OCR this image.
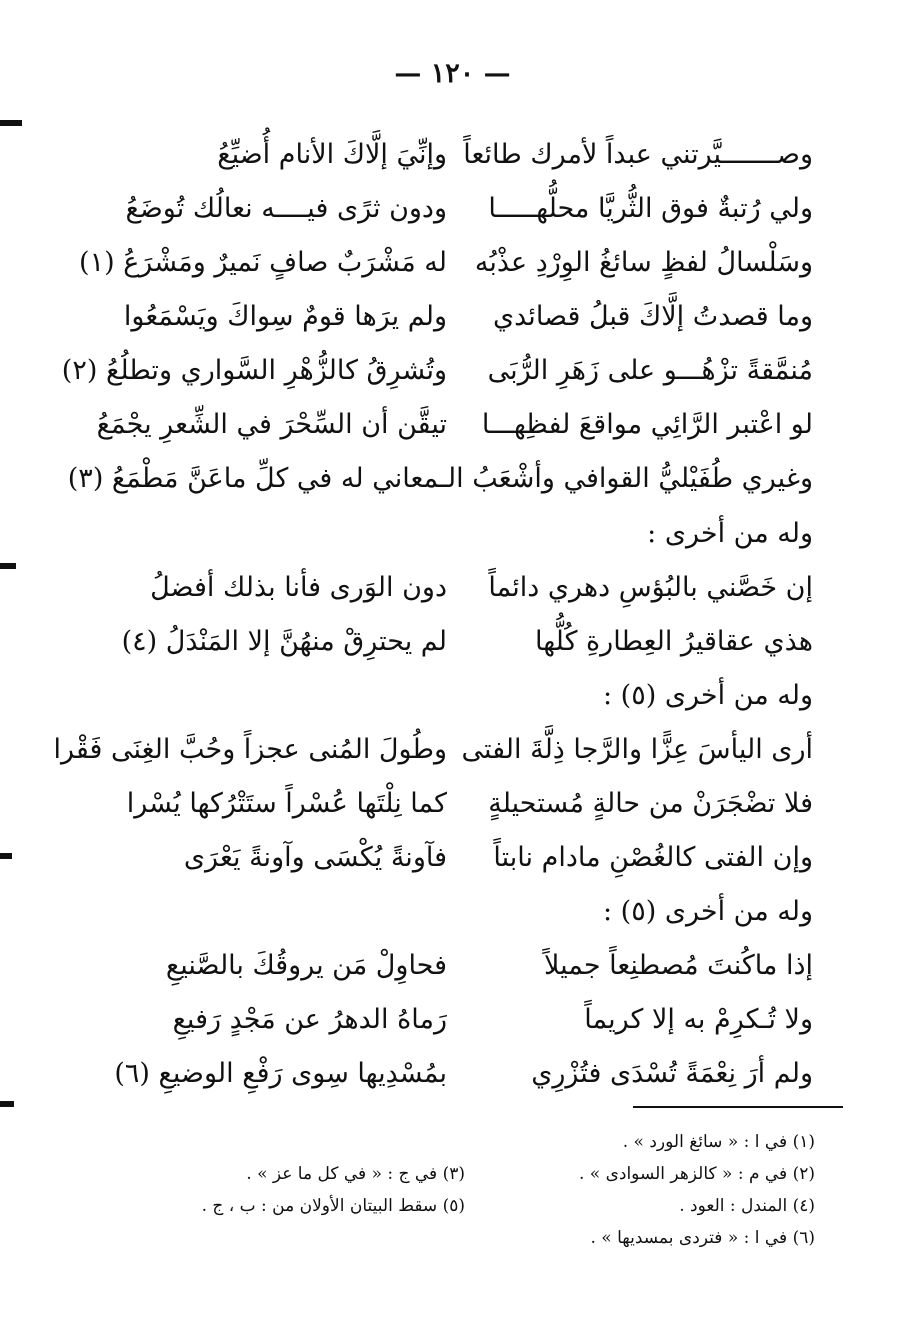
— ١٢٠ —
وصـــــــيَّرتني عبداً لأمرك طائعاً
وإنِّيَ إلَّاكَ الأنام أُضيِّعُ
ولي رُتبةٌ فوق الثُّريَّا محلُّهـــــا
ودون ثرًى فيــــه نعالُك تُوضَعُ
وسَلْسالُ لفظٍ سائغُ الوِرْدِ عذْبُه
له مَشْرَبٌ صافٍ نَميرٌ ومَشْرَعُ (١)
وما قصدتُ إلَّاكَ قبلُ قصائدي
ولم يرَها قومٌ سِواكَ ويَسْمَعُوا
مُنمَّقةً تزْهُـــو على زَهَرِ الرُّبَى
وتُشرِقُ كالزُّهْرِ السَّواري وتطلُعُ (٢)
لو اعْتبر الرَّائِي مواقعَ لفظِهـــا
تيقَّن أن السِّحْرَ في الشِّعرِ يجْمَعُ
وغيري طُفَيْليُّ القوافي وأشْعَبُ الـ
ـمعاني له في كلِّ ماعَنَّ مَطْمَعُ (٣)
وله من أخرى :
إن خَصَّني بالبُؤسِ دهري دائماً
دون الوَرى فأنا بذلك أفضلُ
هذي عقاقيرُ العِطارةِ كُلُّها
لم يحترِقْ منهُنَّ إلا المَنْدَلُ (٤)
وله من أخرى (٥) :
أرى اليأسَ عِزًّا والرَّجا ذِلَّةَ الفتى
وطُولَ المُنى عجزاً وحُبَّ الغِنَى فَقْرا
فلا تضْجَرَنْ من حالةٍ مُستحيلةٍ
كما نِلْتَها عُسْراً ستَتْرُكها يُسْرا
وإن الفتى كالغُصْنِ مادام نابتاً
فآونةً يُكْسَى وآونةً يَعْرَى
وله من أخرى (٥) :
إذا ماكُنتَ مُصطنِعاً جميلاً
فحاوِلْ مَن يروقُكَ بالصَّنيعِ
ولا تُـكرِمْ به إلا كريماً
رَماهُ الدهرُ عن مَجْدٍ رَفيعِ
ولم أرَ نِعْمَةً تُسْدَى فتُزْرِي
بمُسْدِيها سِوى رَفْعِ الوضيعِ (٦)
(١) في ا : « سائغ الورد » .
(٢) في م : « كالزهر السوادى » .
(٣) في ج : « في كل ما عز » .
(٤) المندل : العود .
(٥) سقط البيتان الأولان من : ب ، ج .
(٦) في ا : « فتردى بمسديها » .
